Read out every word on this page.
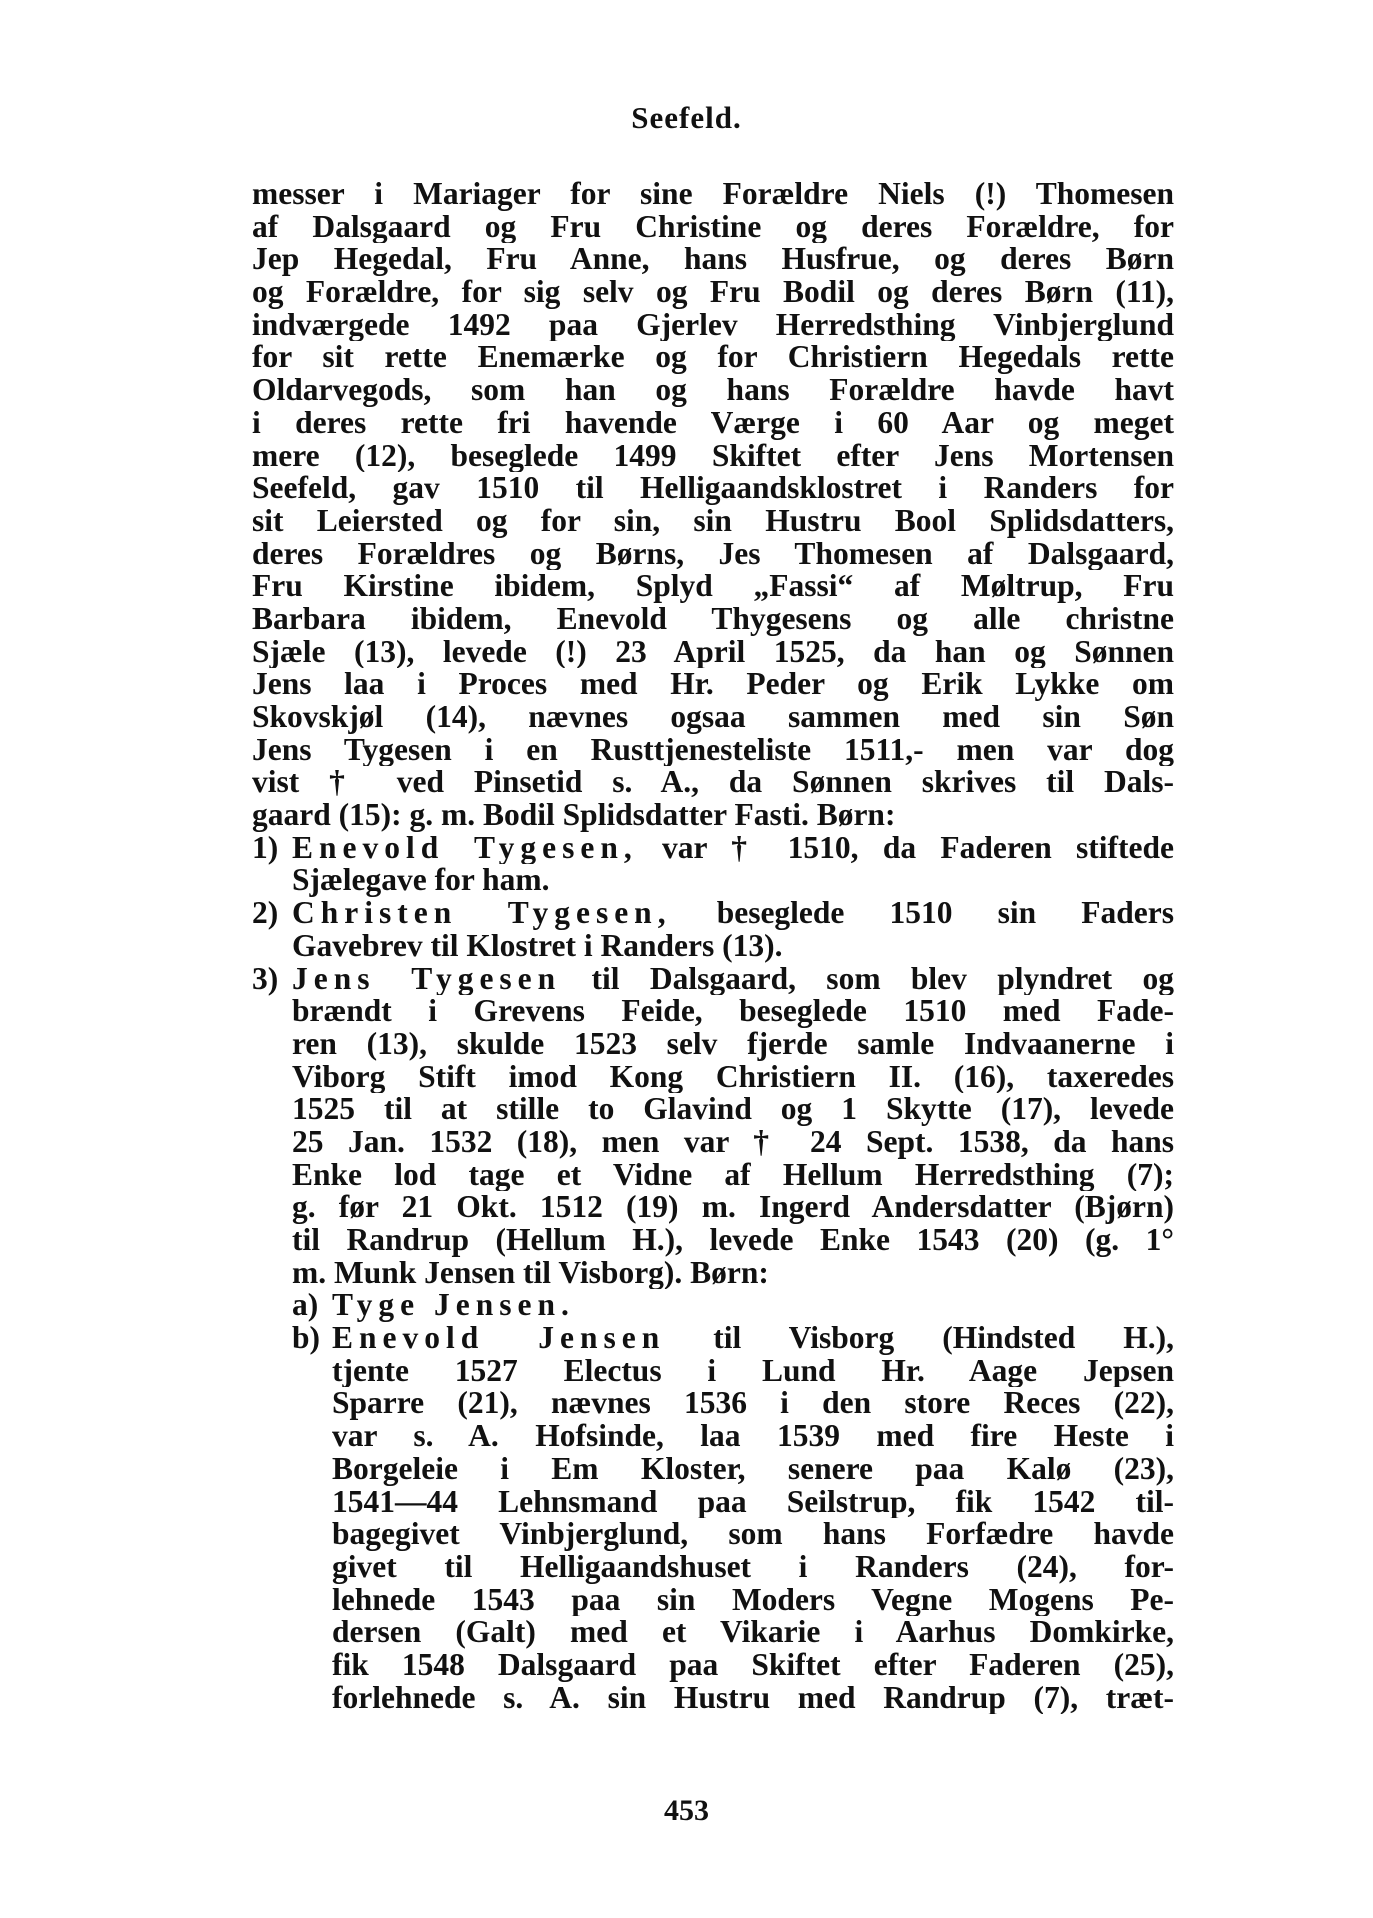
Seefeld.
messer i Mariager for sine Forældre Niels (!) Thomesen
af Dalsgaard og Fru Christine og deres Forældre, for
Jep Hegedal, Fru Anne, hans Husfrue, og deres Børn
og Forældre, for sig selv og Fru Bodil og deres Børn (11),
indværgede 1492 paa Gjerlev Herredsthing Vinbjerglund
for sit rette Enemærke og for Christiern Hegedals rette
Oldarvegods, som han og hans Forældre havde havt
i deres rette fri havende Værge i 60 Aar og meget
mere (12), beseglede 1499 Skiftet efter Jens Mortensen
Seefeld, gav 1510 til Helligaandsklostret i Randers for
sit Leiersted og for sin, sin Hustru Bool Splidsdatters,
deres Forældres og Børns, Jes Thomesen af Dalsgaard,
Fru Kirstine ibidem, Splyd „Fassi“ af Møltrup, Fru
Barbara ibidem, Enevold Thygesens og alle christne
Sjæle (13), levede (!) 23 April 1525, da han og Sønnen
Jens laa i Proces med Hr. Peder og Erik Lykke om
Skovskjøl (14), nævnes ogsaa sammen med sin Søn
Jens Tygesen i en Rusttjenesteliste 1511,- men var dog
vist † ved Pinsetid s. A., da Sønnen skrives til Dals-
gaard (15): g. m. Bodil Splidsdatter Fasti. Børn:
1) Enevold Tygesen, var † 1510, da Faderen stiftede
Sjælegave for ham.
2) Christen Tygesen, beseglede 1510 sin Faders
Gavebrev til Klostret i Randers (13).
3) Jens Tygesen til Dalsgaard, som blev plyndret og
brændt i Grevens Feide, beseglede 1510 med Fade-
ren (13), skulde 1523 selv fjerde samle Indvaanerne i
Viborg Stift imod Kong Christiern II. (16), taxeredes
1525 til at stille to Glavind og 1 Skytte (17), levede
25 Jan. 1532 (18), men var † 24 Sept. 1538, da hans
Enke lod tage et Vidne af Hellum Herredsthing (7);
g. før 21 Okt. 1512 (19) m. Ingerd Andersdatter (Bjørn)
til Randrup (Hellum H.), levede Enke 1543 (20) (g. 1°
m. Munk Jensen til Visborg). Børn:
a) Tyge Jensen.
b) Enevold Jensen til Visborg (Hindsted H.),
tjente 1527 Electus i Lund Hr. Aage Jepsen
Sparre (21), nævnes 1536 i den store Reces (22),
var s. A. Hofsinde, laa 1539 med fire Heste i
Borgeleie i Em Kloster, senere paa Kalø (23),
1541—44 Lehnsmand paa Seilstrup, fik 1542 til-
bagegivet Vinbjerglund, som hans Forfædre havde
givet til Helligaandshuset i Randers (24), for-
lehnede 1543 paa sin Moders Vegne Mogens Pe-
dersen (Galt) med et Vikarie i Aarhus Domkirke,
fik 1548 Dalsgaard paa Skiftet efter Faderen (25),
forlehnede s. A. sin Hustru med Randrup (7), træt-
453
